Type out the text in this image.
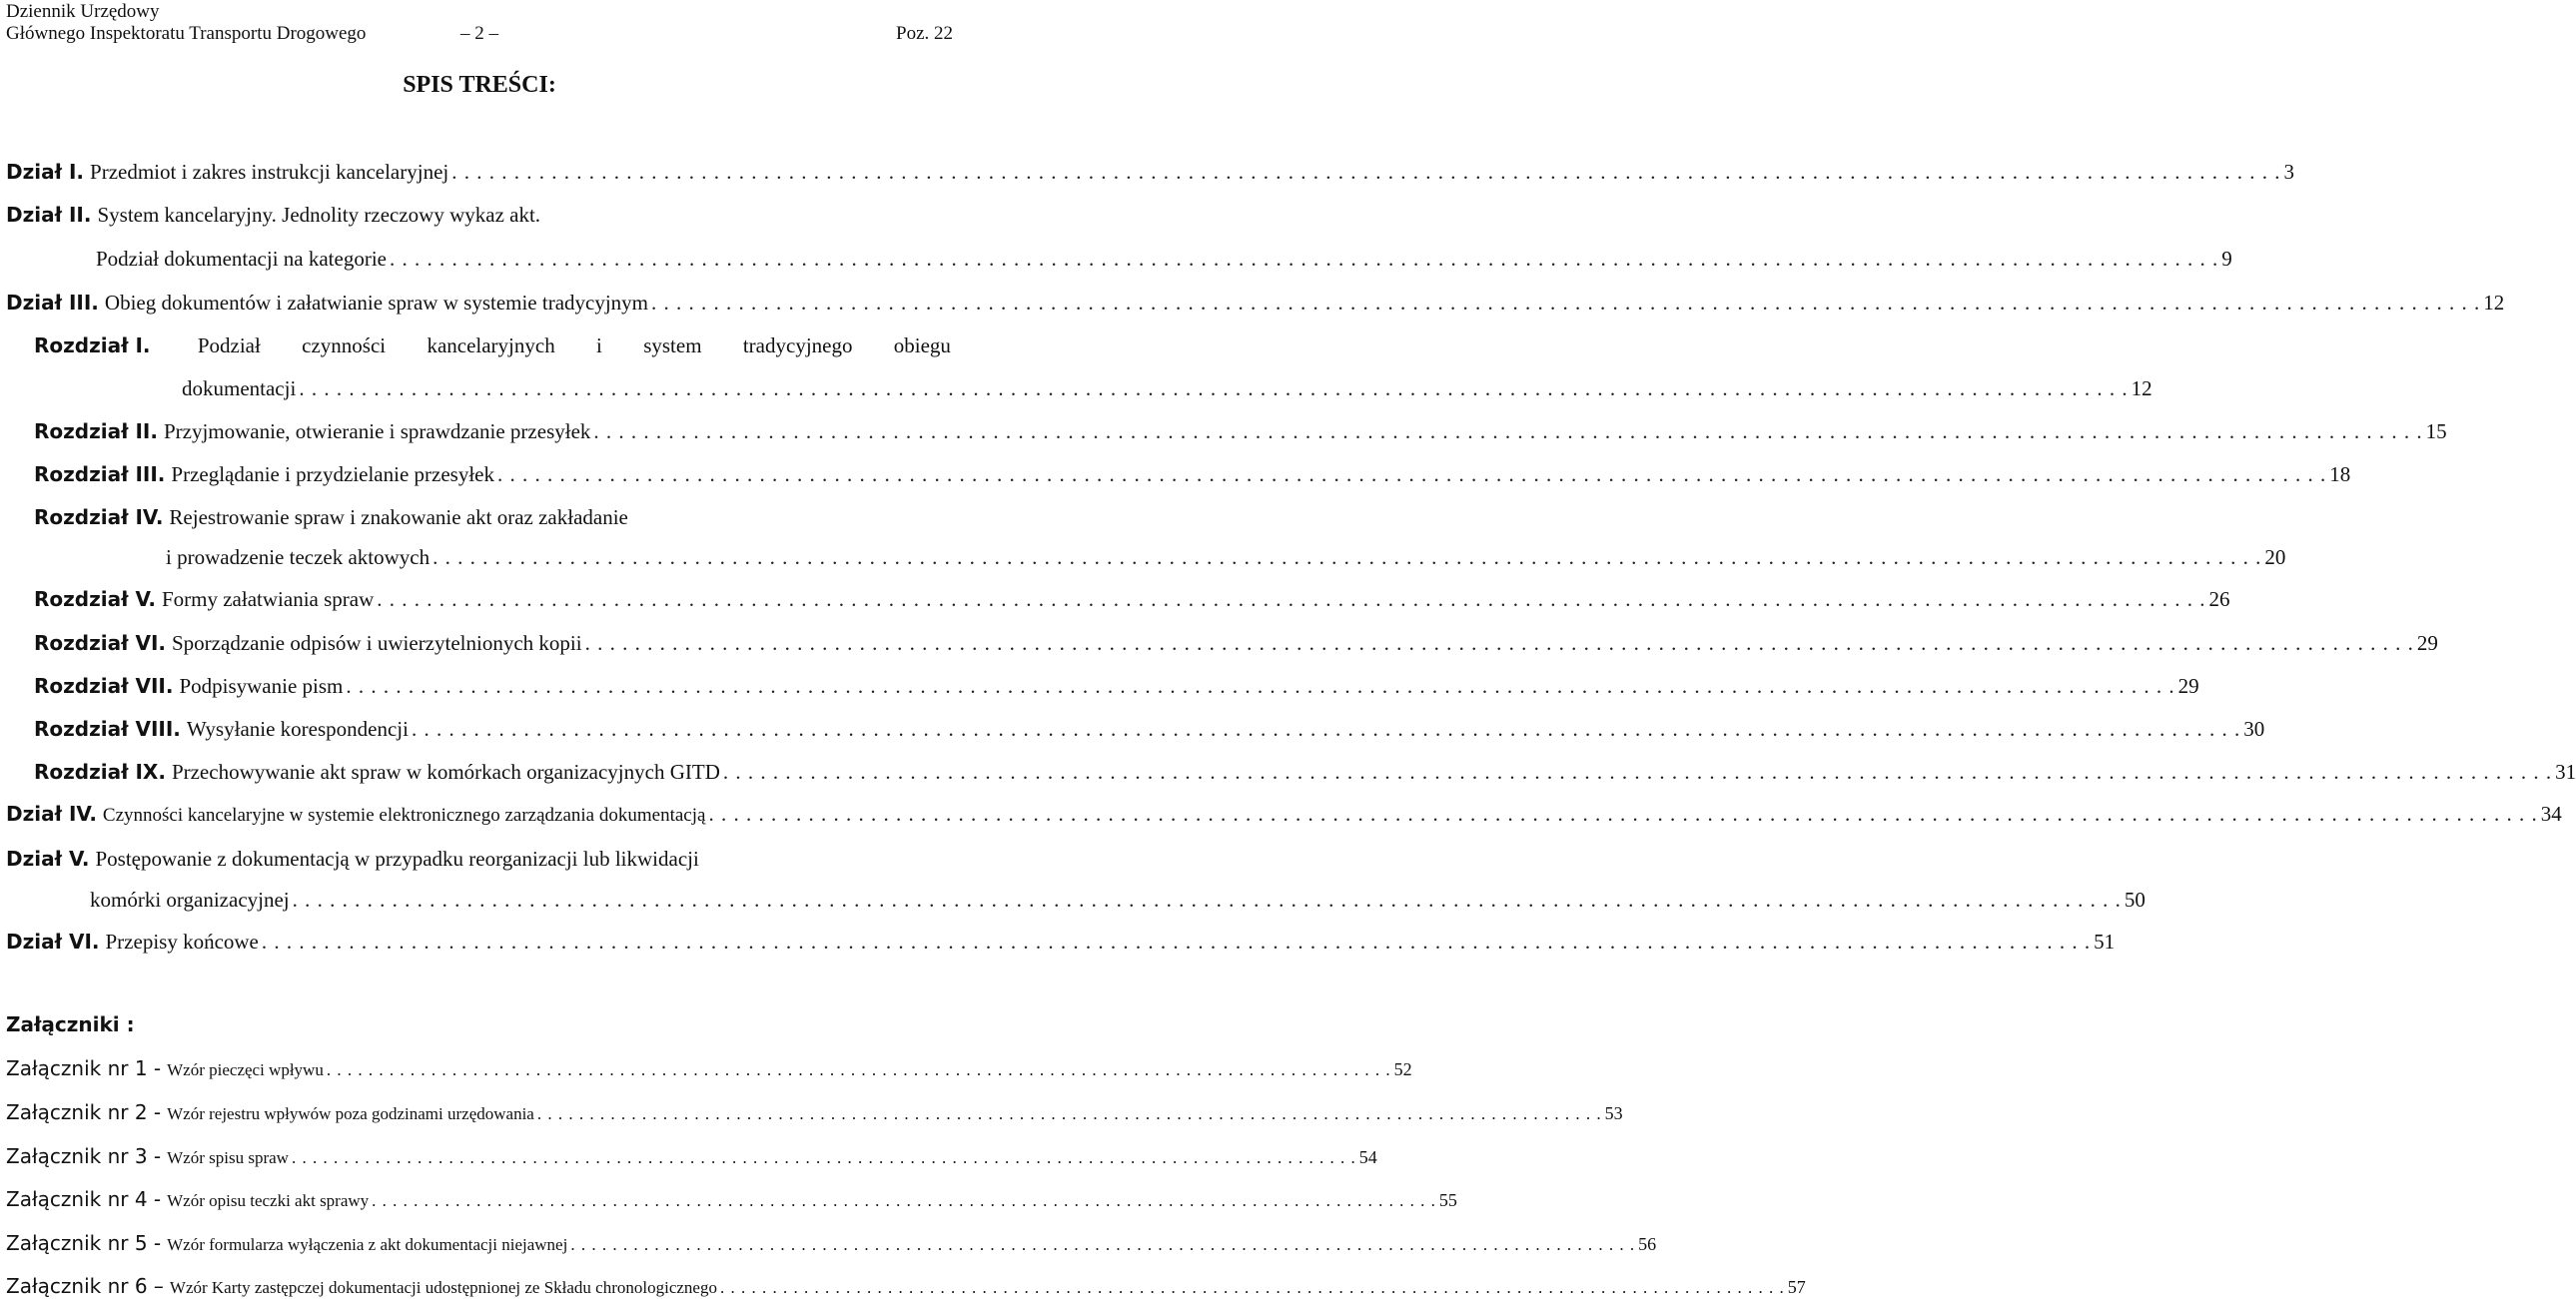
Dziennik Urzędowy
Głównego Inspektoratu Transportu Drogowego	– 2 –	Poz. 22
SPIS TREŚCI:
Dział I. Przedmiot i zakres instrukcji kancelaryjnej . . .	3
Dział II. System kancelaryjny. Jednolity rzeczowy wykaz akt.
Podział dokumentacji na kategorie . . .	9
Dział III. Obieg dokumentów i załatwianie spraw w systemie tradycyjnym . . .	12
Rozdział I. Podział czynności kancelaryjnych i system tradycyjnego obiegu
dokumentacji . . .	12
Rozdział II. Przyjmowanie, otwieranie i sprawdzanie przesyłek . . .	15
Rozdział III. Przeglądanie i przydzielanie przesyłek . . .	18
Rozdział IV. Rejestrowanie spraw i znakowanie akt oraz zakładanie
i prowadzenie teczek aktowych . . .	20
Rozdział V. Formy załatwiania spraw . . .	26
Rozdział VI. Sporządzanie odpisów i uwierzytelnionych kopii . . .	29
Rozdział VII. Podpisywanie pism . . .	29
Rozdział VIII. Wysyłanie korespondencji . . .	30
Rozdział IX. Przechowywanie akt spraw w komórkach organizacyjnych GITD . . .	31
Dział IV. Czynności kancelaryjne w systemie elektronicznego zarządzania dokumentacją . . .	34
Dział V. Postępowanie z dokumentacją w przypadku reorganizacji lub likwidacji
komórki organizacyjnej . . .	50
Dział VI. Przepisy końcowe . . .	51
Załączniki :
Załącznik nr 1 - Wzór pieczęci wpływu . . .	52
Załącznik nr 2 - Wzór rejestru wpływów poza godzinami urzędowania . . .	53
Załącznik nr 3 - Wzór spisu spraw . . .	54
Załącznik nr 4 - Wzór opisu teczki akt sprawy . . .	55
Załącznik nr 5 - Wzór formularza wyłączenia z akt dokumentacji niejawnej . . .	56
Załącznik nr 6 – Wzór Karty zastępczej dokumentacji udostępnionej ze Składu chronologicznego . . .	57
